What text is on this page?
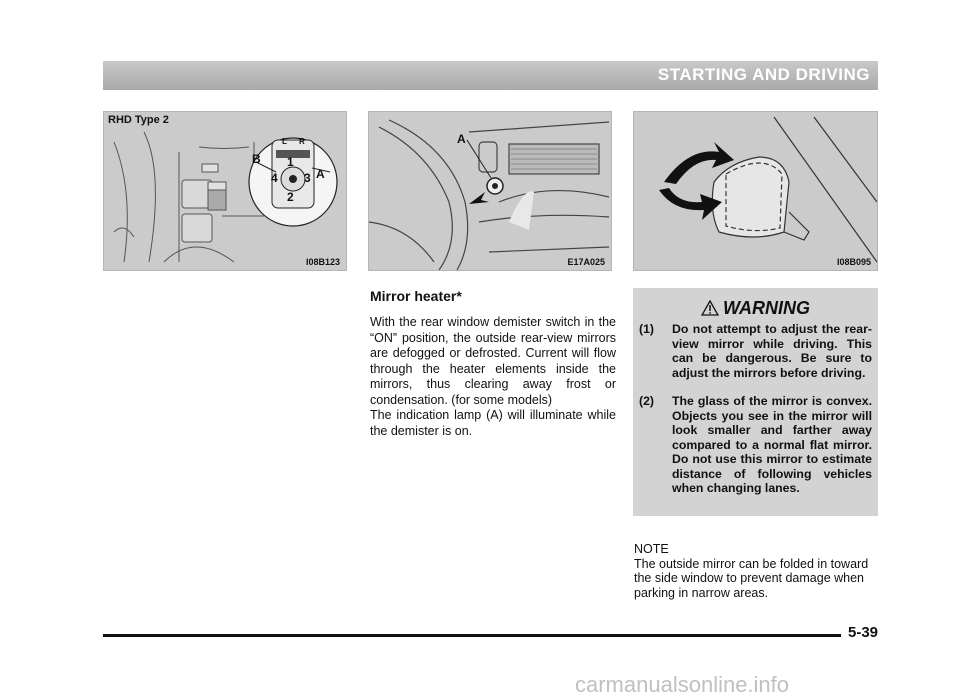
STARTING AND DRIVING
RHD Type 2
L R
B
A
1
2
3
4
I08B123
A
E17A025	I08B095
Mirror heater*
With the rear window demister switch in the “ON” position, the outside rear-view mirrors are defogged or defrosted. Current will flow through the heater elements inside the mirrors, thus clearing away frost or condensation. (for some models)
The indication lamp (A) will illuminate while the demister is on.
WARNING
(1) Do not attempt to adjust the rear-view mirror while driving. This can be dangerous. Be sure to adjust the mirrors before driving.
(2) The glass of the mirror is convex. Objects you see in the mirror will look smaller and farther away compared to a normal flat mirror. Do not use this mirror to estimate distance of following vehicles when changing lanes.
NOTE
The outside mirror can be folded in toward the side window to prevent damage when parking in narrow areas.
5-39
carmanualsonline.info
